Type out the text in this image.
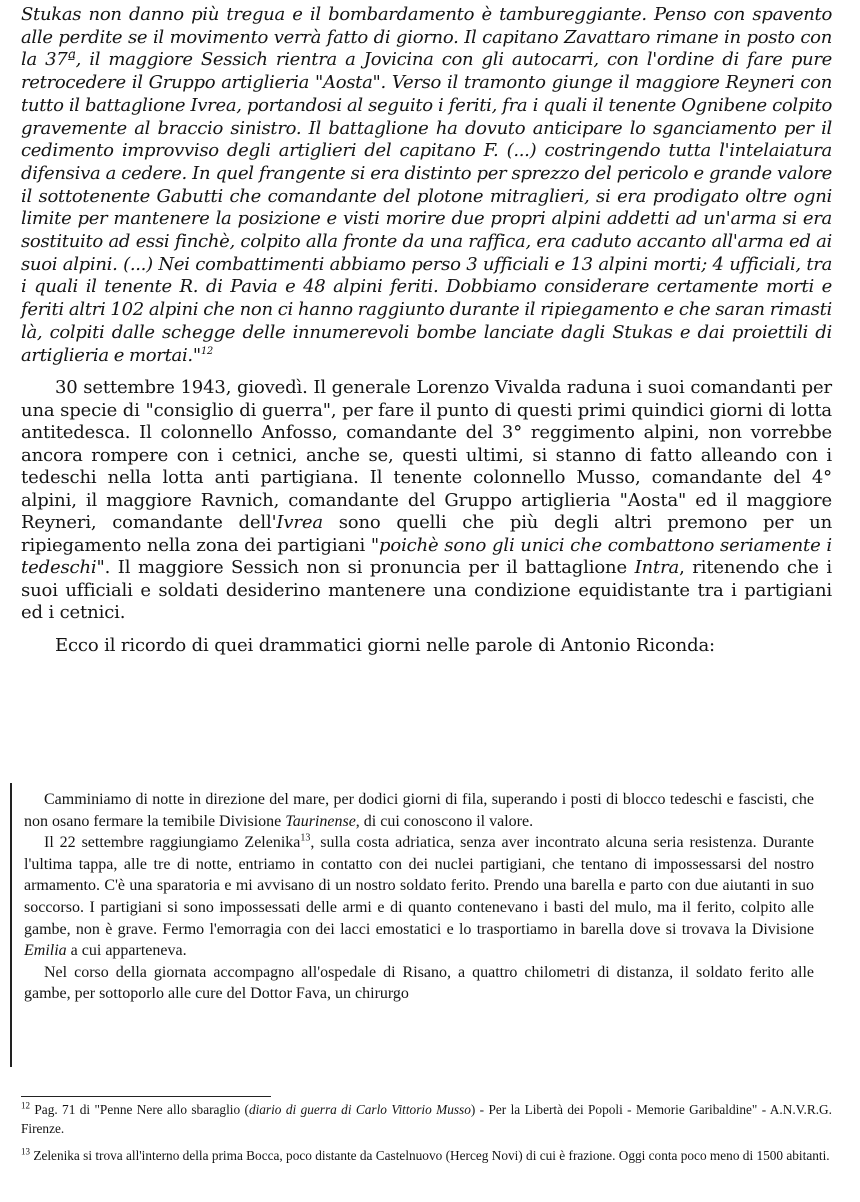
Stukas non danno più tregua e il bombardamento è tambureggiante. Penso con spavento alle perdite se il movimento verrà fatto di giorno. Il capitano Zavattaro rimane in posto con la 37ª, il maggiore Sessich rientra a Jovicina con gli autocarri, con l'ordine di fare pure retrocedere il Gruppo artiglieria "Aosta". Verso il tramonto giunge il maggiore Reyneri con tutto il battaglione Ivrea, portandosi al seguito i feriti, fra i quali il tenente Ognibene colpito gravemente al braccio sinistro. Il battaglione ha dovuto anticipare lo sganciamento per il cedimento improvviso degli artiglieri del capitano F. (...) costringendo tutta l'intelaiatura difensiva a cedere. In quel frangente si era distinto per sprezzo del pericolo e grande valore il sottotenente Gabutti che comandante del plotone mitraglieri, si era prodigato oltre ogni limite per mantenere la posizione e visti morire due propri alpini addetti ad un'arma si era sostituito ad essi finchè, colpito alla fronte da una raffica, era caduto accanto all'arma ed ai suoi alpini. (...) Nei combattimenti abbiamo perso 3 ufficiali e 13 alpini morti; 4 ufficiali, tra i quali il tenente R. di Pavia e 48 alpini feriti. Dobbiamo considerare certamente morti e feriti altri 102 alpini che non ci hanno raggiunto durante il ripiegamento e che saran rimasti là, colpiti dalle schegge delle innumerevoli bombe lanciate dagli Stukas e dai proiettili di artiglieria e mortai."$^{12}$

30 settembre 1943, giovedì. Il generale Lorenzo Vivalda raduna i suoi comandanti per una specie di "consiglio di guerra", per fare il punto di questi primi quindici giorni di lotta antitedesca. Il colonnello Anfosso, comandante del 3° reggimento alpini, non vorrebbe ancora rompere con i cetnici, anche se, questi ultimi, si stanno di fatto alleando con i tedeschi nella lotta anti partigiana. Il tenente colonnello Musso, comandante del 4° alpini, il maggiore Ravnich, comandante del Gruppo artiglieria "Aosta" ed il maggiore Reyneri, comandante dell'Ivrea sono quelli che più degli altri premono per un ripiegamento nella zona dei partigiani "poichè sono gli unici che combattono seriamente i tedeschi". Il maggiore Sessich non si pronuncia per il battaglione Intra, ritenendo che i suoi ufficiali e soldati desiderino mantenere una condizione equidistante tra i partigiani ed i cetnici.

Ecco il ricordo di quei drammatici giorni nelle parole di Antonio Riconda:

Camminiamo di notte in direzione del mare, per dodici giorni di fila, superando i posti di blocco tedeschi e fascisti, che non osano fermare la temibile Divisione Taurinense, di cui conoscono il valore.

Il 22 settembre raggiungiamo Zelenika$^{13}$, sulla costa adriatica, senza aver incontrato alcuna seria resistenza. Durante l'ultima tappa, alle tre di notte, entriamo in contatto con dei nuclei partigiani, che tentano di impossessarsi del nostro armamento. C'è una sparatoria e mi avvisano di un nostro soldato ferito. Prendo una barella e parto con due aiutanti in suo soccorso. I partigiani si sono impossessati delle armi e di quanto contenevano i basti del mulo, ma il ferito, colpito alle gambe, non è grave. Fermo l'emorragia con dei lacci emostatici e lo trasportiamo in barella dove si trovava la Divisione Emilia a cui apparteneva.

Nel corso della giornata accompagno all'ospedale di Risano, a quattro chilometri di distanza, il soldato ferito alle gambe, per sottoporlo alle cure del Dottor Fava, un chirurgo

$^{12}$ Pag. 71 di "Penne Nere allo sbaraglio (diario di guerra di Carlo Vittorio Musso) - Per la Libertà dei Popoli - Memorie Garibaldine" - A.N.V.R.G. Firenze.

$^{13}$ Zelenika si trova all'interno della prima Bocca, poco distante da Castelnuovo (Herceg Novi) di cui è frazione. Oggi conta poco meno di 1500 abitanti.
